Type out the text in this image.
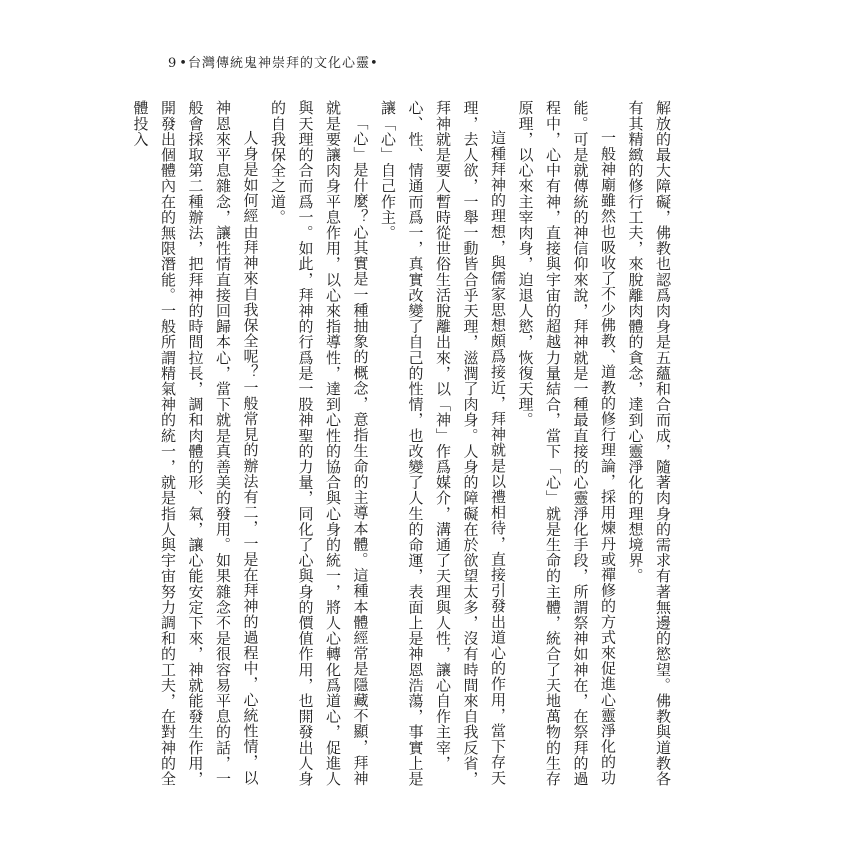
9 •台灣傳統鬼神崇拜的文化心靈•

解放的最大障礙，佛教也認爲肉身是五蘊和合而成，隨著肉身的需求有著無邊的慾望。佛教與道教各有其精緻的修行工夫，來脫離肉體的貪念，達到心靈淨化的理想境界。

一般神廟雖然也吸收了不少佛教、道教的修行理論，採用煉丹或禪修的方式來促進心靈淨化的功能。可是就傳統的神信仰來說，拜神就是一種最直接的心靈淨化手段，所謂祭神如神在，在祭拜的過程中，心中有神，直接與宇宙的超越力量結合，當下「心」就是生命的主體，統合了天地萬物的生存原理，以心來主宰肉身，迫退人慾，恢復天理。

這種拜神的理想，與儒家思想頗爲接近，拜神就是以禮相待，直接引發出道心的作用，當下存天理，去人欲，一舉一動皆合乎天理，滋潤了肉身。人身的障礙在於欲望太多，沒有時間來自我反省，拜神就是要人暫時從世俗生活脫離出來，以「神」作爲媒介，溝通了天理與人性，讓心自作主宰，心、性、情通而爲一，真實改變了自己的性情，也改變了人生的命運，表面上是神恩浩蕩，事實上是讓「心」自己作主。

「心」是什麼？心其實是一種抽象的概念，意指生命的主導本體。這種本體經常是隱藏不顯，拜神就是要讓肉身平息作用，以心來指導性，達到心性的協合與心身的統一，將人心轉化爲道心，促進人與天理的合而爲一。如此，拜神的行爲是一股神聖的力量，同化了心與身的價值作用，也開發出人身的自我保全之道。

人身是如何經由拜神來自我保全呢？一般常見的辦法有二，一是在拜神的過程中，心統性情，以神恩來平息雜念，讓性情直接回歸本心，當下就是真善美的發用。如果雜念不是很容易平息的話，一般會採取第二種辦法，把拜神的時間拉長，調和肉體的形、氣，讓心能安定下來，神就能發生作用，開發出個體內在的無限潛能。一般所謂精氣神的統一，就是指人與宇宙努力調和的工夫，在對神的全體投入
